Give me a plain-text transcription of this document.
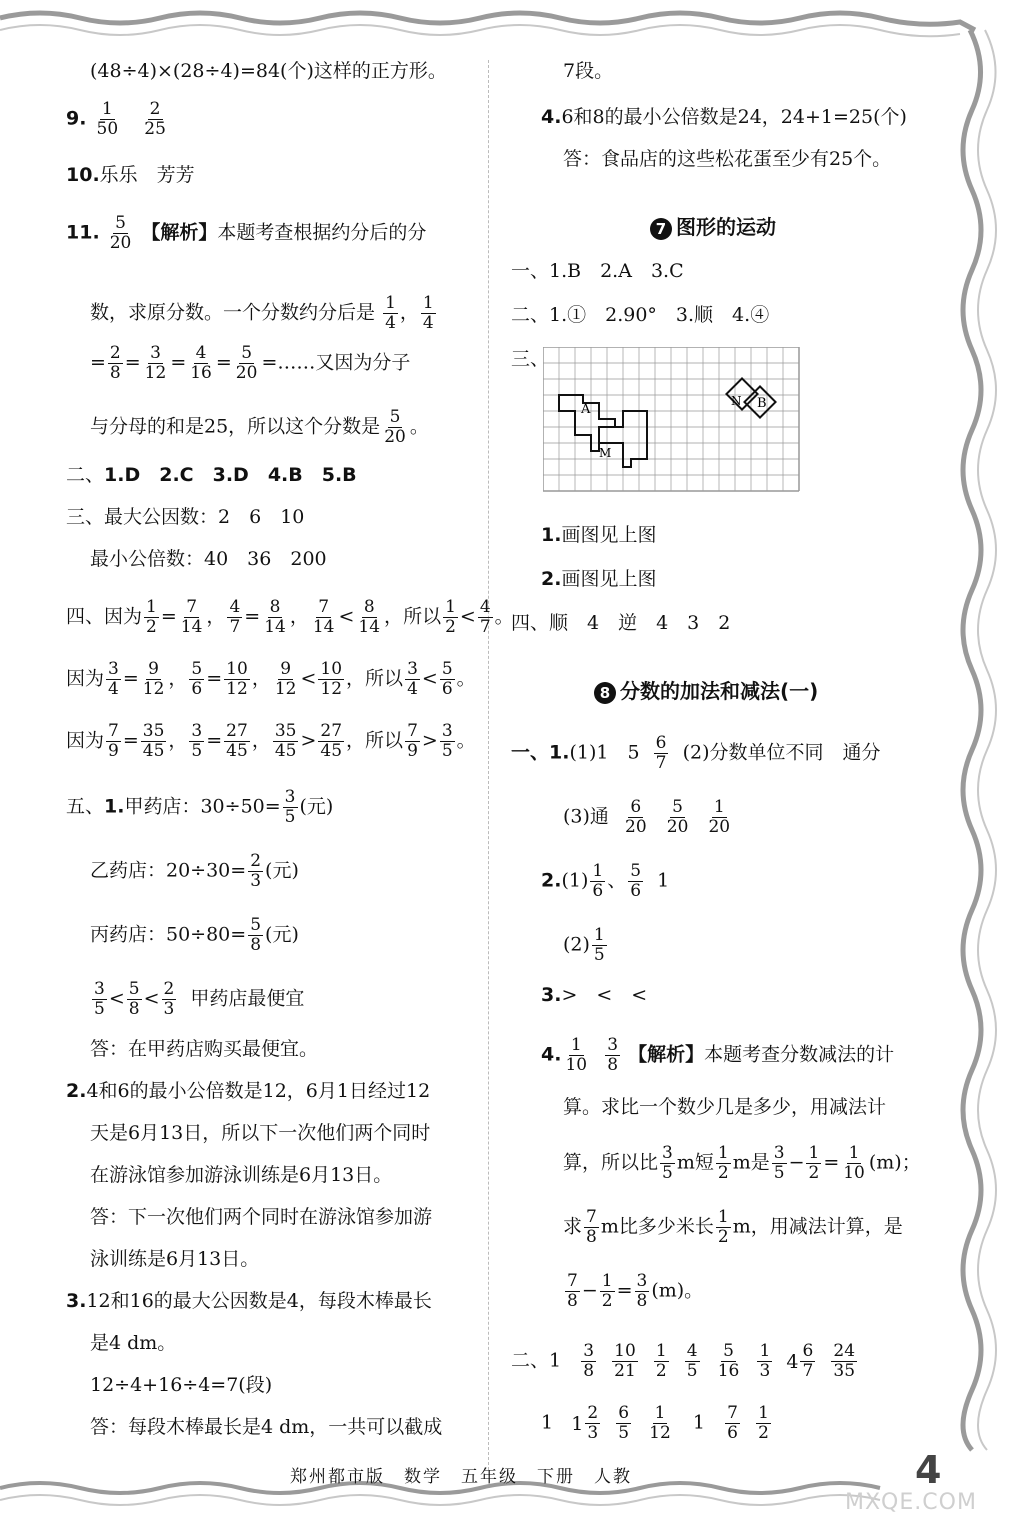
(48÷4)×(28÷4)=84(个)这样的正方形。
9. $\frac{1}{50}$
$\frac{2}{25}$
10.乐乐　芳芳
11. $\frac{5}{20}$ 【解析】本题考查根据约分后的分
数，求原分数。一个分数约分后是 $\frac{1}{4}$ ， $\frac{1}{4}$
= $\frac{2}{8} = \frac{3}{12} = \frac{4}{16} = \frac{5}{20}$ =……又因为分子
与分母的和是25，所以这个分数是 $\frac{5}{20}$ 。
二、1.D　2.C　3.D　4.B　5.B
三、最大公因数：2　6　10
最小公倍数：40　36　200
四、因为 $\frac{1}{2} = \frac{7}{14}$ ， $\frac{4}{7} = \frac{8}{14}$ ， $\frac{7}{14} < \frac{8}{14}$ ，所以 $\frac{1}{2} < \frac{4}{7}$ 。
因为 $\frac{3}{4} = \frac{9}{12}$ ， $\frac{5}{6} = \frac{10}{12}$ ， $\frac{9}{12} < \frac{10}{12}$ ，所以 $\frac{3}{4} < \frac{5}{6}$ 。
因为 $\frac{7}{9} = \frac{35}{45}$ ， $\frac{3}{5} = \frac{27}{45}$ ， $\frac{35}{45} > \frac{27}{45}$ ，所以 $\frac{7}{9} > \frac{3}{5}$ 。
五、1.甲药店：$30\div 50= \frac{3}{5}$ (元)
乙药店：$20\div 30= \frac{2}{3}$ (元)
丙药店：$50\div 80= \frac{5}{8}$ (元)
$\frac{3}{5} < \frac{5}{8} < \frac{2}{3}$ 甲药店最便宜
答：在甲药店购买最便宜。
2.4和6的最小公倍数是12，6月1日经过12
天是6月13日，所以下一次他们两个同时
在游泳馆参加游泳训练是6月13日。
答：下一次他们两个同时在游泳馆参加游
泳训练是6月13日。
3.12和16的最大公因数是4，每段木棒最长
是4 dm。
12÷4+16÷4=7(段)
答：每段木棒最长是4 dm，一共可以截成
7段。
4.6和8的最小公倍数是24，24+1=25(个)
答：食品店的这些松花蛋至少有25个。
7 图形的运动
一、1.B　2.A　3.C
二、1.①　2.90°　3.顺　4.④
三、
A
M
N B
1.画图见上图
2.画图见上图
四、顺　4　逆　4　3　2
8 分数的加法和减法(一)
一、1.(1)1　$5 \frac{6}{7} (2)$分数单位不同　通分
(3)通 $\frac{6}{20}$
$\frac{5}{20}$
$\frac{1}{20}$
$2.(1) \frac{1}{6}$ 、 $\frac{5}{6} 1$
$(2) \frac{1}{5}$
3.>　<　<
4. $\frac{1}{10}$
$\frac{3}{8}$ 【解析】本题考查分数减法的计
算。求比一个数少几是多少，用减法计
算，所以比 $\frac{3}{5}$ m短 $\frac{1}{2}$ m是 $\frac{3}{5} - \frac{1}{2} = \frac{1}{10} (m)$；
求 $\frac{7}{8}$ m比多少米长 $\frac{1}{2}$ m，用减法计算，是
$\frac{7}{8} - \frac{1}{2} = \frac{3}{8} (m)$。
二、$1 \frac{3}{8}$
$\frac{10}{21}$
$\frac{1}{2}$
$\frac{4}{5}$
$\frac{5}{16}$
$\frac{1}{3}$
$4 \frac{6}{7}$
$\frac{24}{35}$
1 $1 \frac{2}{3}$
$\frac{6}{5}$
$\frac{1}{12} 1 \frac{7}{6}$
$\frac{1}{2}$
郑州都市版　数学　五年级　下册　人教	4
MXQE.COM
